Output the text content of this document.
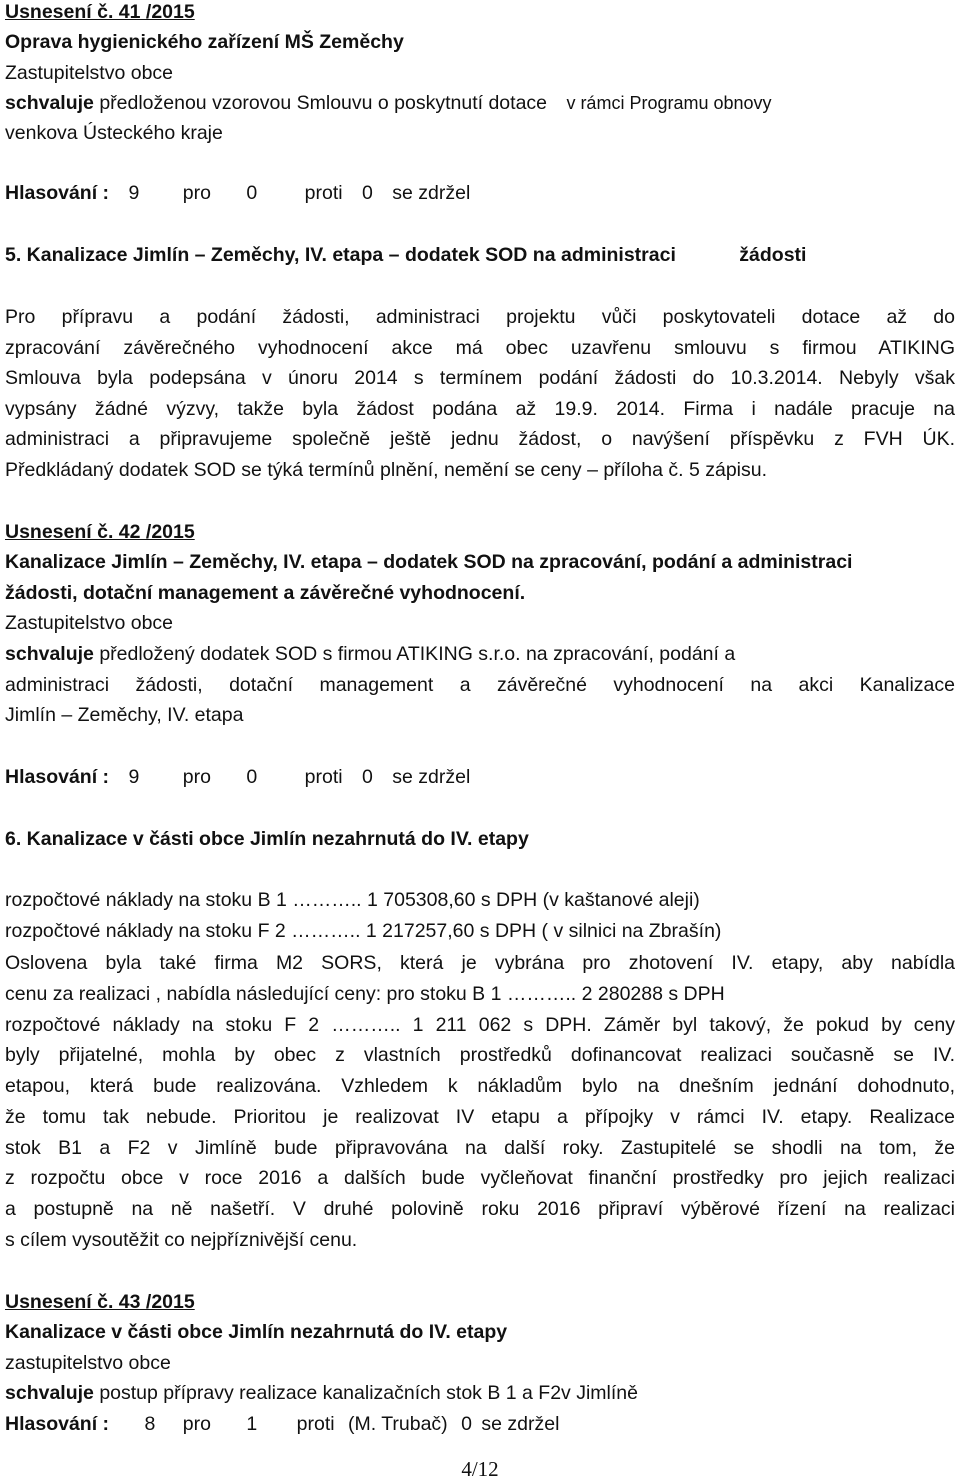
Usnesení č. 41 /2015
Oprava hygienického zařízení MŠ Zeměchy
Zastupitelstvo obce
schvaluje předloženou vzorovou Smlouvu o poskytnutí dotace v rámci Programu obnovy
venkova Ústeckého kraje
Hlasování : 9 pro 0 proti 0 se zdržel
5. Kanalizace Jimlín – Zeměchy, IV. etapa – dodatek SOD na administraci	žádosti
Pro přípravu a podání žádosti, administraci projektu vůči poskytovateli dotace až do
zpracování závěrečného vyhodnocení akce má obec uzavřenu smlouvu s firmou ATIKING
Smlouva byla podepsána v únoru 2014 s termínem podání žádosti do 10.3.2014. Nebyly však
vypsány žádné výzvy, takže byla žádost podána až 19.9. 2014. Firma i nadále pracuje na
administraci a připravujeme společně ještě jednu žádost, o navýšení příspěvku z FVH ÚK.
Předkládaný dodatek SOD se týká termínů plnění, nemění se ceny – příloha č. 5 zápisu.
Usnesení č. 42 /2015
Kanalizace Jimlín – Zeměchy, IV. etapa – dodatek SOD na zpracování, podání a administraci
žádosti, dotační management a závěrečné vyhodnocení.
Zastupitelstvo obce
schvaluje předložený dodatek SOD s firmou ATIKING s.r.o. na zpracování, podání a
administraci žádosti, dotační management a závěrečné vyhodnocení na akci Kanalizace
Jimlín – Zeměchy, IV. etapa
Hlasování : 9 pro 0 proti 0 se zdržel
6. Kanalizace v části obce Jimlín nezahrnutá do IV. etapy
rozpočtové náklady na stoku B 1 ……….. 1 705308,60 s DPH (v kaštanové aleji)
rozpočtové náklady na stoku F 2 ……….. 1 217257,60 s DPH ( v silnici na Zbrašín)
Oslovena byla také firma M2 SORS, která je vybrána pro zhotovení IV. etapy, aby nabídla
cenu za realizaci , nabídla následující ceny: pro stoku B 1 ……….. 2 280288 s DPH
rozpočtové náklady na stoku F 2 ……….. 1 211 062 s DPH. Záměr byl takový, že pokud by ceny
byly přijatelné, mohla by obec z vlastních prostředků dofinancovat realizaci současně se IV.
etapou, která bude realizována. Vzhledem k nákladům bylo na dnešním jednání dohodnuto,
že tomu tak nebude. Prioritou je realizovat IV etapu a přípojky v rámci IV. etapy. Realizace
stok B1 a F2 v Jimlíně bude připravována na další roky. Zastupitelé se shodli na tom, že
z rozpočtu obce v roce 2016 a dalších bude vyčleňovat finanční prostředky pro jejich realizaci
a postupně na ně našetří. V druhé polovině roku 2016 připraví výběrové řízení na realizaci
s cílem vysoutěžit co nejpříznivější cenu.
Usnesení č. 43 /2015
Kanalizace v části obce Jimlín nezahrnutá do IV. etapy
zastupitelstvo obce
schvaluje postup přípravy realizace kanalizačních stok B 1 a F2v Jimlíně
Hlasování : 8 pro 1 proti (M. Trubač) 0 se zdržel
4/12
